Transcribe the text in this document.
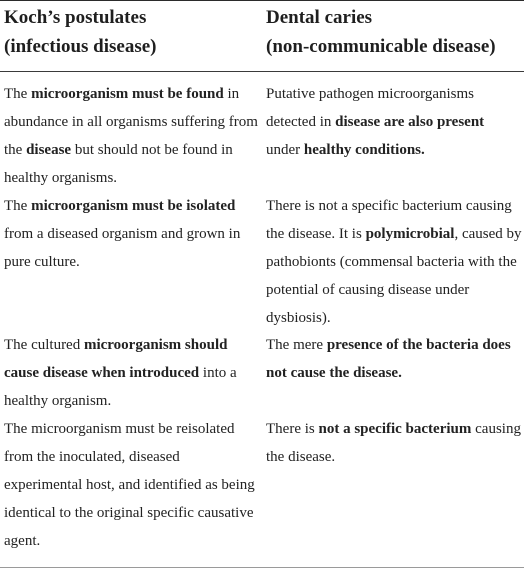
Koch’s postulates
(infectious disease)
Dental caries
(non-communicable disease)
The microorganism must be found in abundance in all organisms suffering from the disease but should not be found in healthy organisms.
Putative pathogen microorganisms detected in disease are also present under healthy conditions.
The microorganism must be isolated from a diseased organism and grown in pure culture.
There is not a specific bacterium causing the disease. It is polymicrobial, caused by pathobionts (commensal bacteria with the potential of causing disease under dysbiosis).
The cultured microorganism should cause disease when introduced into a healthy organism.
The mere presence of the bacteria does not cause the disease.
The microorganism must be reisolated from the inoculated, diseased experimental host, and identified as being identical to the original specific causative agent.
There is not a specific bacterium causing the disease.
